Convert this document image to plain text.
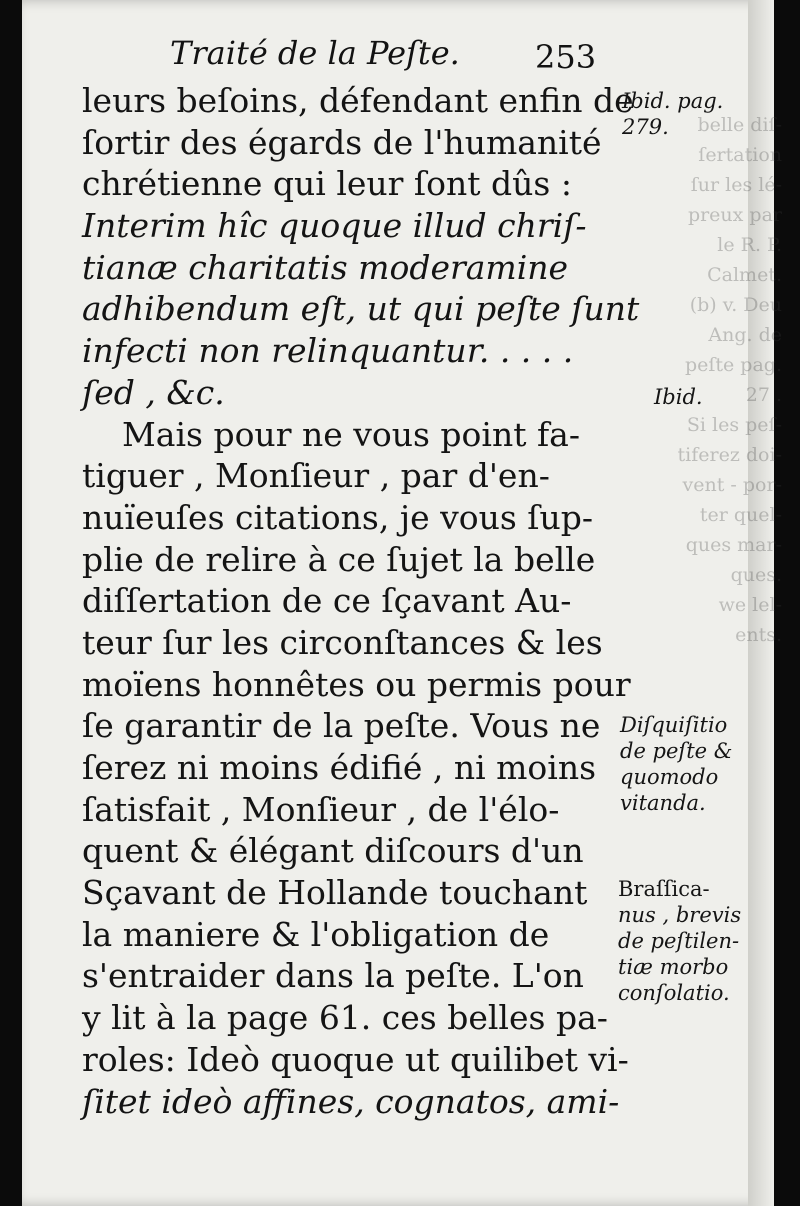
belle diſ-
ſertation
ſur les lé-
preux par
le R. P.
Calmet.
(b) v. Deu
Ang. de
peſte pag.
27 .
Si les peſ-
tiferez doi-
vent - por-
ter quel-
ques mar-
ques.
we lel-
ents.
Traité de la Peſte. 253
leurs beſoins, défendant enfin de
ſortir des égards de l'humanité
chrétienne qui leur ſont dûs :
Interim hîc quoque illud chriſ-
tianæ charitatis moderamine
adhibendum eſt, ut qui peſte ſunt
infecti non relinquantur. . . . .
ſed , &c.
Mais pour ne vous point fa-
tiguer , Monſieur , par d'en-
nuïeuſes citations, je vous ſup-
plie de relire à ce ſujet la belle
diſſertation de ce ſçavant Au-
teur ſur les circonſtances & les
moïens honnêtes ou permis pour
ſe garantir de la peſte. Vous ne
ſerez ni moins édifié , ni moins
ſatisfait , Monſieur , de l'élo-
quent & élégant diſcours d'un
Sçavant de Hollande touchant
la maniere & l'obligation de
s'entraider dans la peſte. L'on
y lit à la page 61. ces belles pa-
roles: Ideò quoque ut quilibet vi-
ſitet ideò affines, cognatos, ami-
Ibid. pag.
279.
Ibid.
Diſquiſitio
de peſte &
quomodo
vitanda.
Braſſica-
nus , brevis
de peſtilen-
tiæ morbo
conſolatio.
